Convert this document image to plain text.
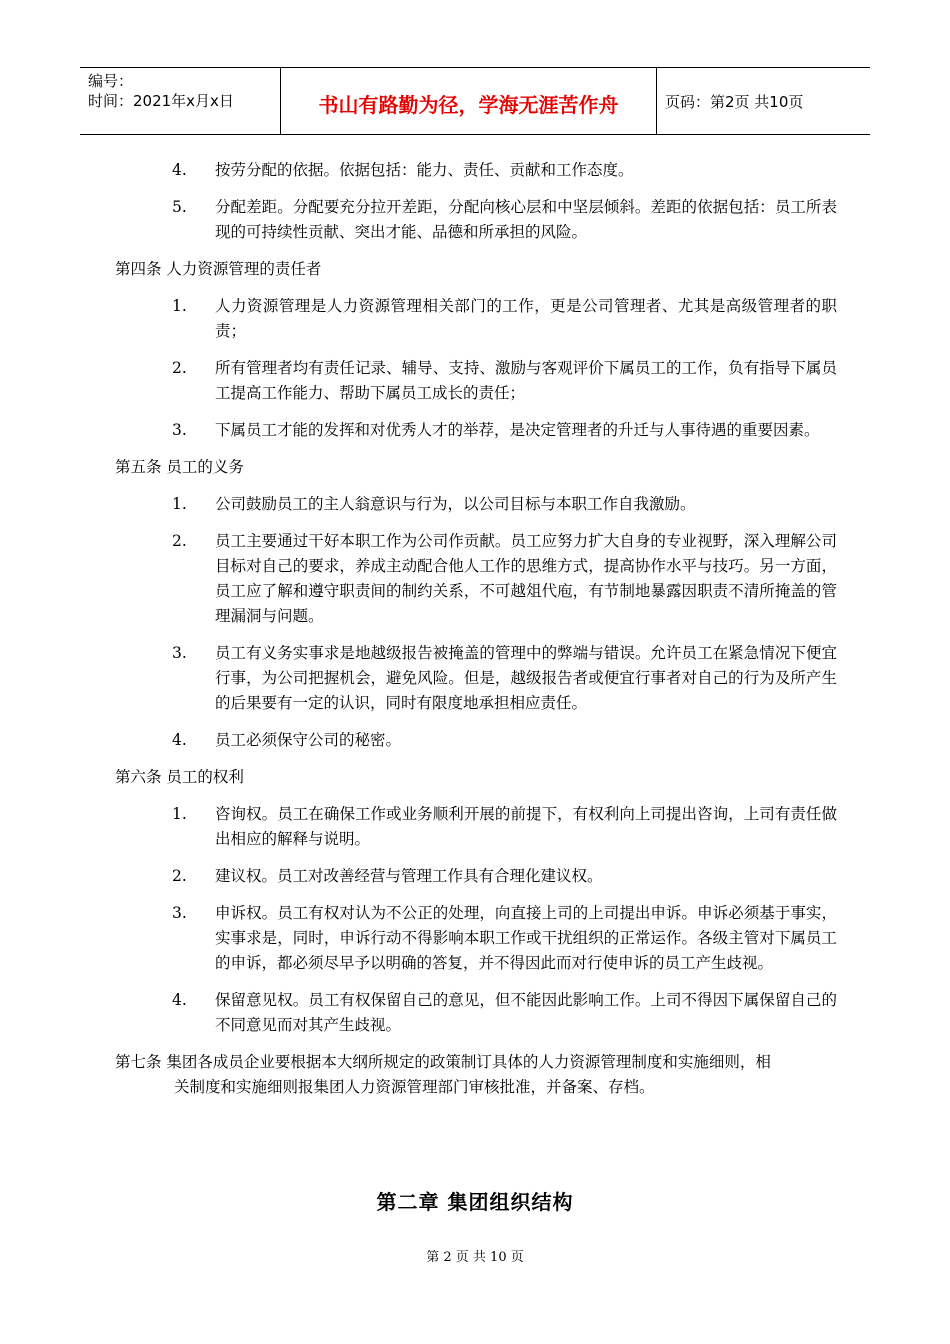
编号：
时间：2021年x月x日	书山有路勤为径，学海无涯苦作舟	页码：第2页 共10页
4. 按劳分配的依据。依据包括：能力、责任、贡献和工作态度。
5. 分配差距。分配要充分拉开差距，分配向核心层和中坚层倾斜。差距的依据包括：员工所表现的可持续性贡献、突出才能、品德和所承担的风险。
第四条 人力资源管理的责任者
1. 人力资源管理是人力资源管理相关部门的工作，更是公司管理者、尤其是高级管理者的职责；
2. 所有管理者均有责任记录、辅导、支持、激励与客观评价下属员工的工作，负有指导下属员工提高工作能力、帮助下属员工成长的责任；
3. 下属员工才能的发挥和对优秀人才的举荐，是决定管理者的升迁与人事待遇的重要因素。
第五条 员工的义务
1. 公司鼓励员工的主人翁意识与行为，以公司目标与本职工作自我激励。
2. 员工主要通过干好本职工作为公司作贡献。员工应努力扩大自身的专业视野，深入理解公司目标对自己的要求，养成主动配合他人工作的思维方式，提高协作水平与技巧。另一方面，员工应了解和遵守职责间的制约关系，不可越俎代庖，有节制地暴露因职责不清所掩盖的管理漏洞与问题。
3. 员工有义务实事求是地越级报告被掩盖的管理中的弊端与错误。允许员工在紧急情况下便宜行事，为公司把握机会，避免风险。但是，越级报告者或便宜行事者对自己的行为及所产生的后果要有一定的认识，同时有限度地承担相应责任。
4. 员工必须保守公司的秘密。
第六条 员工的权利
1. 咨询权。员工在确保工作或业务顺利开展的前提下，有权利向上司提出咨询，上司有责任做出相应的解释与说明。
2. 建议权。员工对改善经营与管理工作具有合理化建议权。
3. 申诉权。员工有权对认为不公正的处理，向直接上司的上司提出申诉。申诉必须基于事实，实事求是，同时，申诉行动不得影响本职工作或干扰组织的正常运作。各级主管对下属员工的申诉，都必须尽早予以明确的答复，并不得因此而对行使申诉的员工产生歧视。
4. 保留意见权。员工有权保留自己的意见，但不能因此影响工作。上司不得因下属保留自己的不同意见而对其产生歧视。
第七条 集团各成员企业要根据本大纲所规定的政策制订具体的人力资源管理制度和实施细则，相
关制度和实施细则报集团人力资源管理部门审核批准，并备案、存档。
第二章 集团组织结构
第 2 页 共 10 页
